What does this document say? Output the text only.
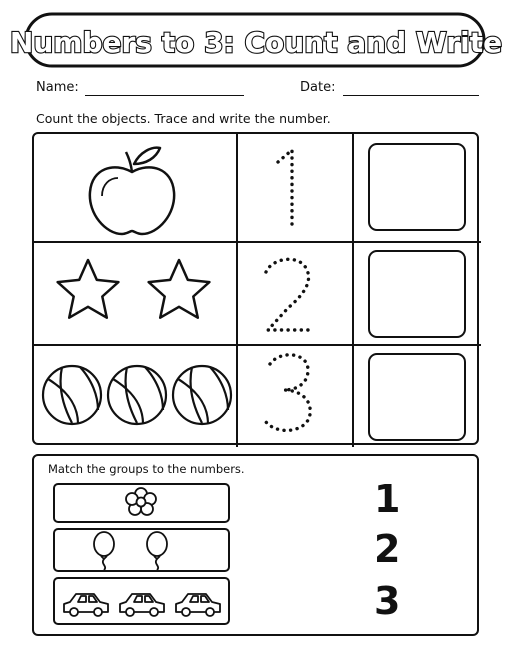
Numbers to 3: Count and Write
Name:	Date:
Count the objects. Trace and write the number.
Match the groups to the numbers.
1
2
3
